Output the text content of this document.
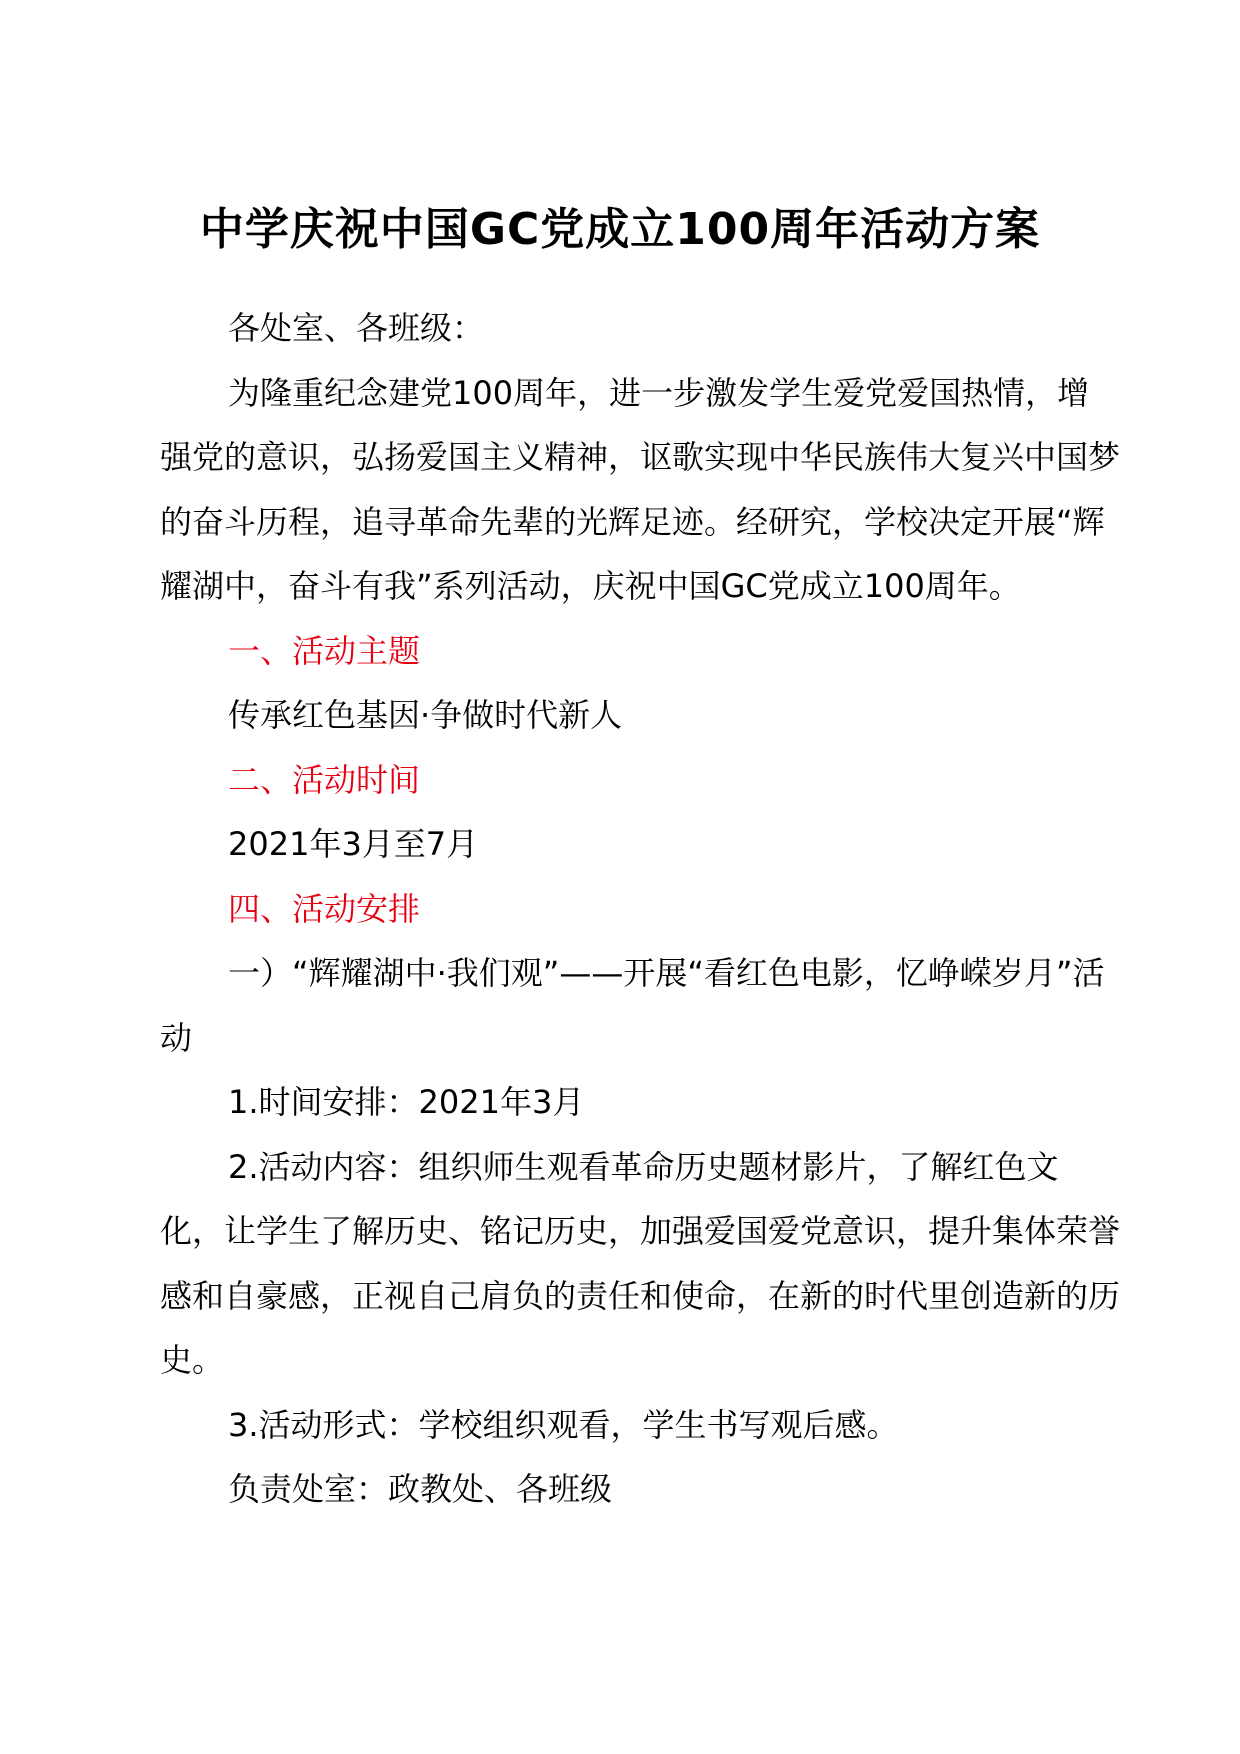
中学庆祝中国GC党成立100周年活动方案

各处室、各班级：

为隆重纪念建党100周年，进一步激发学生爱党爱国热情，增强党的意识，弘扬爱国主义精神，讴歌实现中华民族伟大复兴中国梦的奋斗历程，追寻革命先辈的光辉足迹。经研究，学校决定开展“辉耀湖中，奋斗有我”系列活动，庆祝中国GC党成立100周年。

一、活动主题

传承红色基因·争做时代新人

二、活动时间

2021年3月至7月

四、活动安排

一）“辉耀湖中·我们观”——开展“看红色电影，忆峥嵘岁月”活动

1.时间安排：2021年3月

2.活动内容：组织师生观看革命历史题材影片，了解红色文化，让学生了解历史、铭记历史，加强爱国爱党意识，提升集体荣誉感和自豪感，正视自己肩负的责任和使命，在新的时代里创造新的历史。

3.活动形式：学校组织观看，学生书写观后感。

负责处室：政教处、各班级
